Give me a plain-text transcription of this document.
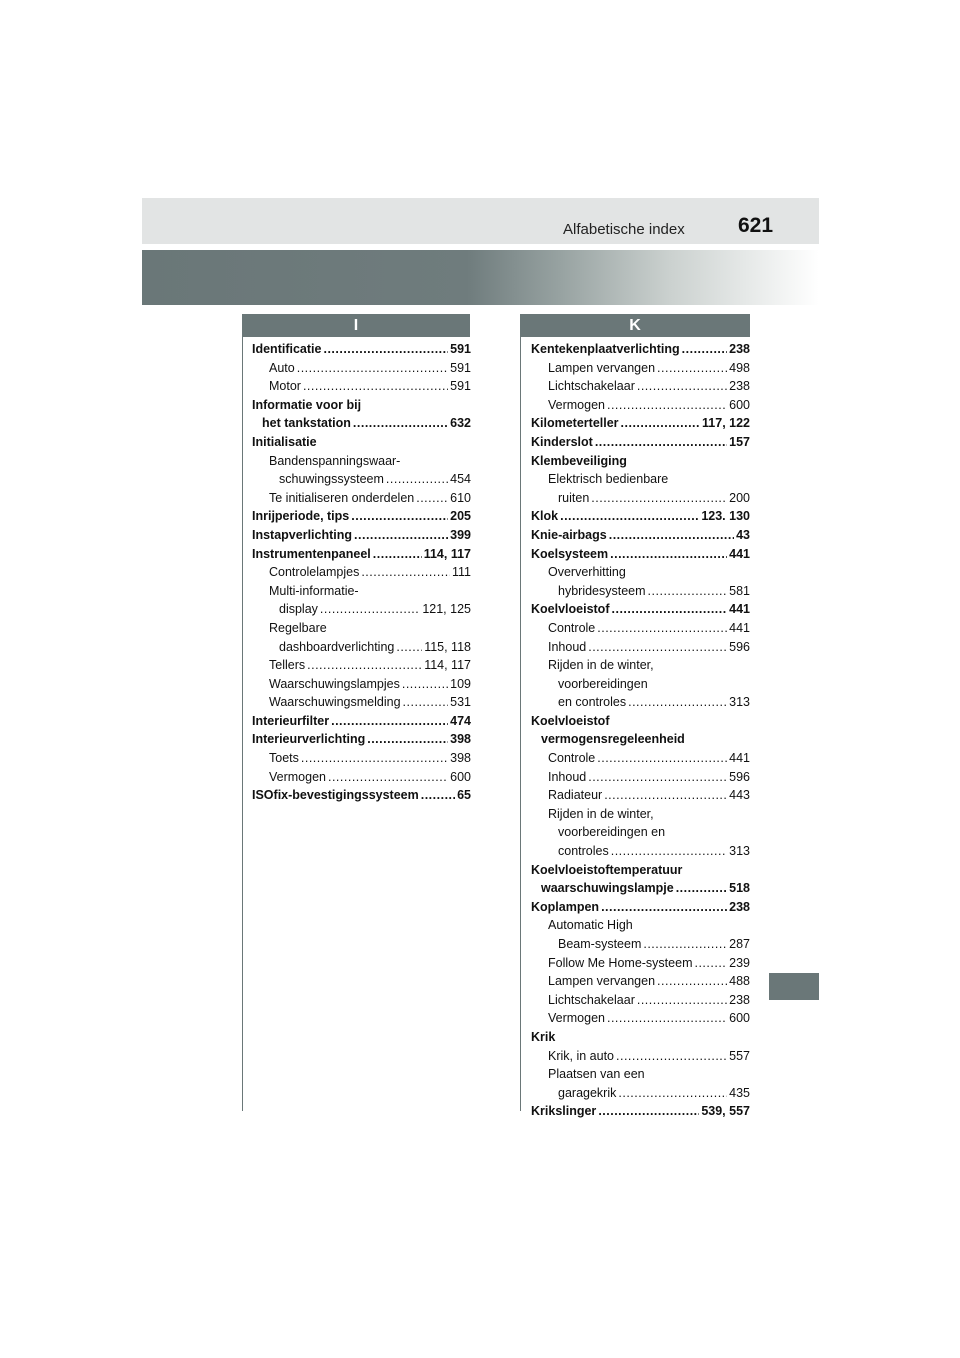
Alfabetische index	621
I	K
Identificatie .....	591
Auto .....	591
Motor .....	591
Informatie voor bij
het tankstation .....	632
Initialisatie
Bandenspanningswaar-
schuwingssysteem .....	454
Te initialiseren onderdelen .....	610
Inrijperiode, tips .....	205
Instapverlichting .....	399
Instrumentenpaneel .....	114, 117
Controlelampjes .....	111
Multi-informatie-
display .....	121, 125
Regelbare
dashboardverlichting ..... 115, 118
Tellers .....	114, 117
Waarschuwingslampjes .....	109
Waarschuwingsmelding .....	531
Interieurfilter .....	474
Interieurverlichting .....	398
Toets .....	398
Vermogen .....	600
ISOfix-bevestigingssysteem .....	65
Kentekenplaatverlichting .....	238
Lampen vervangen .....	498
Lichtschakelaar .....	238
Vermogen .....	600
Kilometerteller .....	117, 122
Kinderslot .....	157
Klembeveiliging
Elektrisch bedienbare
ruiten .....	200
Klok .....	123. 130
Knie-airbags .....	43
Koelsysteem .....	441
Oververhitting
hybridesysteem .....	581
Koelvloeistof .....	441
Controle .....	441
Inhoud .....	596
Rijden in de winter,
voorbereidingen
en controles .....	313
Koelvloeistof
vermogensregeleenheid
Controle .....	441
Inhoud .....	596
Radiateur .....	443
Rijden in de winter,
voorbereidingen en
controles .....	313
Koelvloeistoftemperatuur
waarschuwingslampje .....	518
Koplampen .....	238
Automatic High
Beam-systeem .....	287
Follow Me Home-systeem .....	239
Lampen vervangen .....	488
Lichtschakelaar .....	238
Vermogen .....	600
Krik
Krik, in auto .....	557
Plaatsen van een
garagekrik .....	435
Krikslinger .....	539, 557
